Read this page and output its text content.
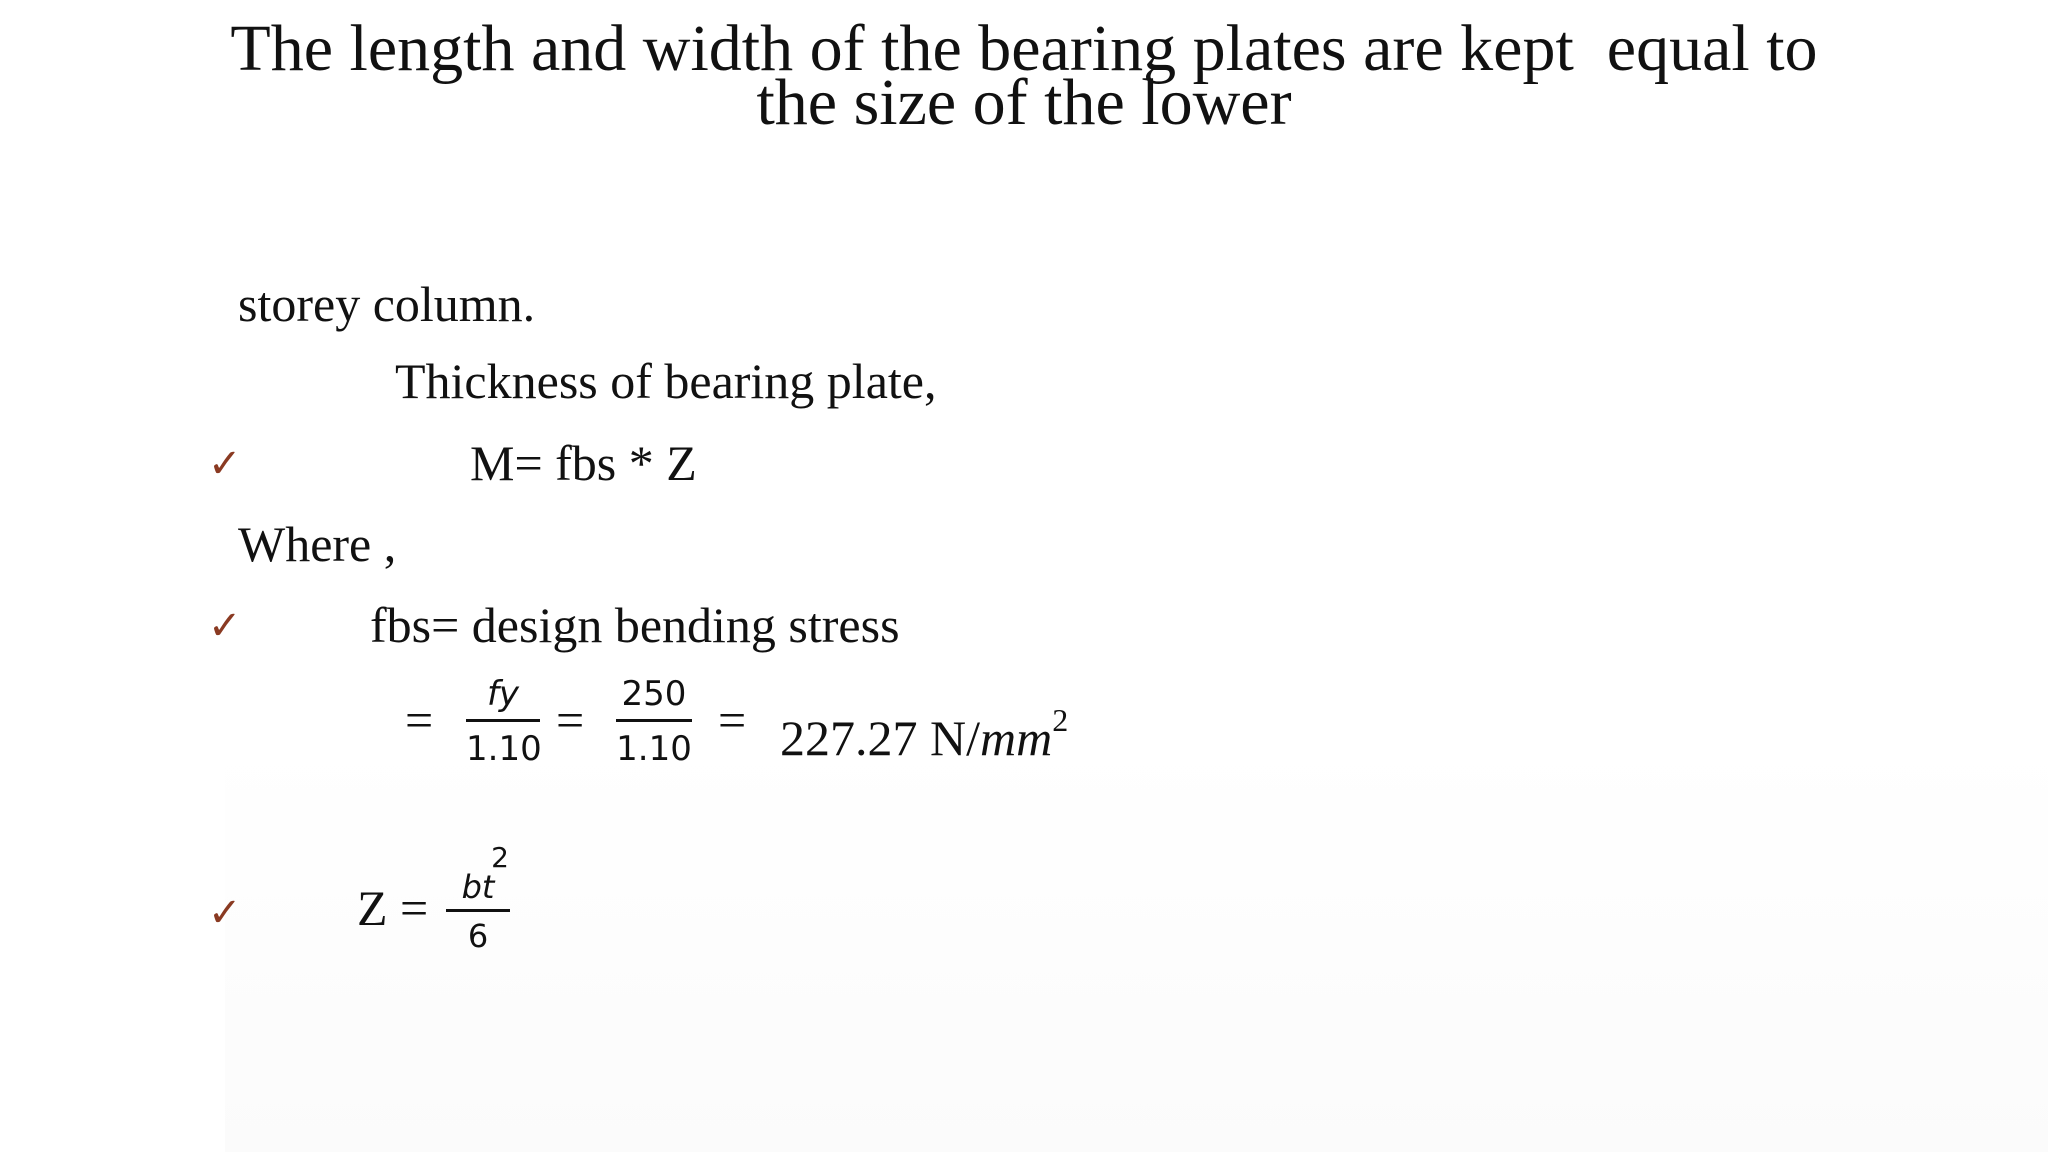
The length and width of the bearing plates are kept  equal to
the size of the lower
storey column.
Thickness of bearing plate,
✓	M= fbs * Z
Where ,
✓	fbs= design bending stress
=	fy
1.10
= 250
1.10
= 227.27 $N/mm^2$
✓ Z =	bt
6
2
